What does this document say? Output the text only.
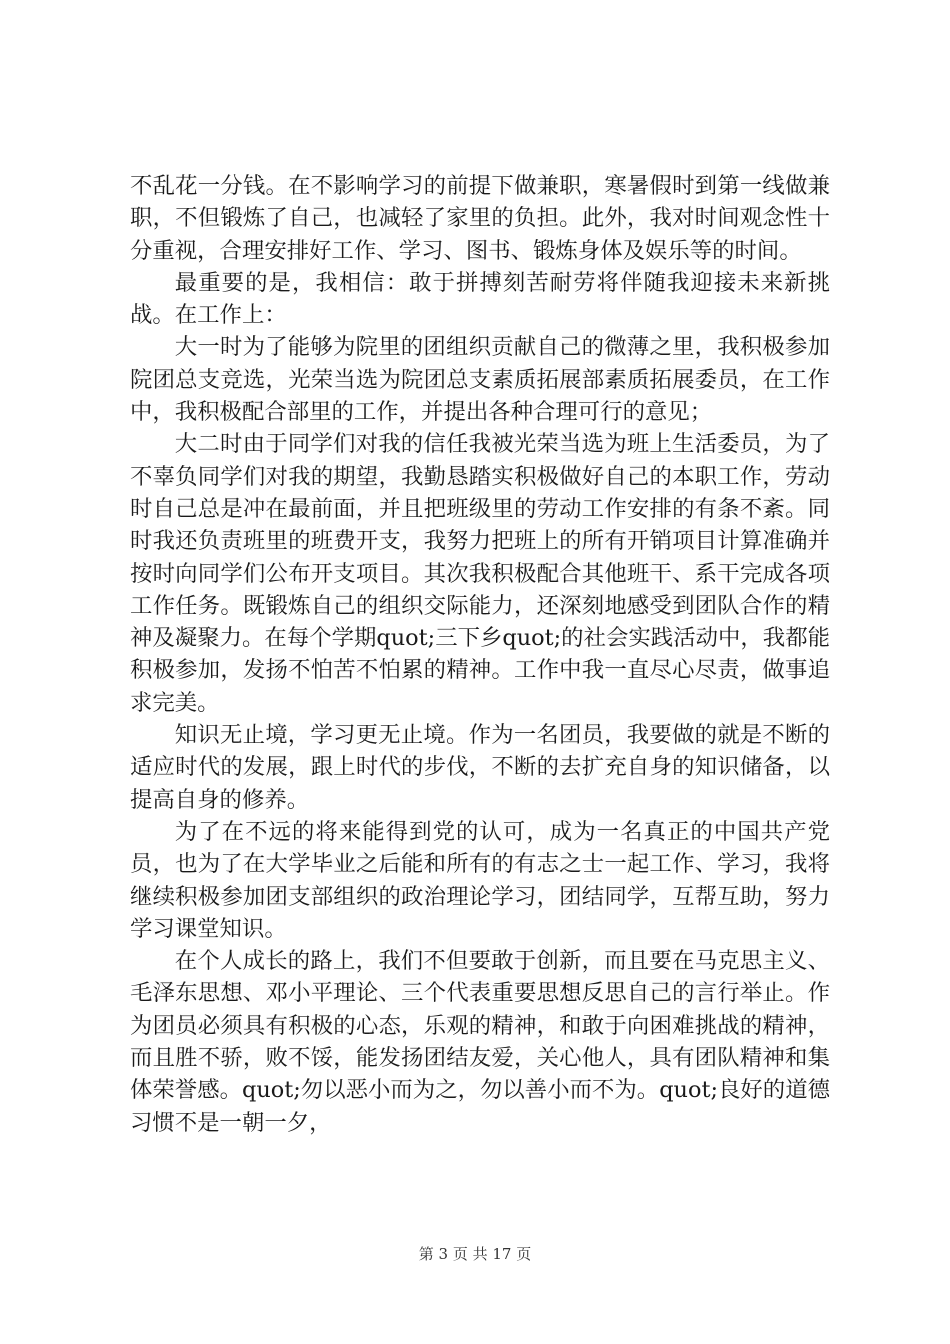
不乱花一分钱。在不影响学习的前提下做兼职，寒暑假时到第一线做兼职，不但锻炼了自己，也减轻了家里的负担。此外，我对时间观念性十分重视，合理安排好工作、学习、图书、锻炼身体及娱乐等的时间。

最重要的是，我相信：敢于拼搏刻苦耐劳将伴随我迎接未来新挑战。在工作上：

大一时为了能够为院里的团组织贡献自己的微薄之里，我积极参加院团总支竞选，光荣当选为院团总支素质拓展部素质拓展委员，在工作中，我积极配合部里的工作，并提出各种合理可行的意见；

大二时由于同学们对我的信任我被光荣当选为班上生活委员，为了不辜负同学们对我的期望，我勤恳踏实积极做好自己的本职工作，劳动时自己总是冲在最前面，并且把班级里的劳动工作安排的有条不紊。同时我还负责班里的班费开支，我努力把班上的所有开销项目计算准确并按时向同学们公布开支项目。其次我积极配合其他班干、系干完成各项工作任务。既锻炼自己的组织交际能力，还深刻地感受到团队合作的精神及凝聚力。在每个学期quot;三下乡quot;的社会实践活动中，我都能积极参加，发扬不怕苦不怕累的精神。工作中我一直尽心尽责，做事追求完美。

知识无止境，学习更无止境。作为一名团员，我要做的就是不断的适应时代的发展，跟上时代的步伐，不断的去扩充自身的知识储备，以提高自身的修养。

为了在不远的将来能得到党的认可，成为一名真正的中国共产党员，也为了在大学毕业之后能和所有的有志之士一起工作、学习，我将继续积极参加团支部组织的政治理论学习，团结同学，互帮互助，努力学习课堂知识。

在个人成长的路上，我们不但要敢于创新，而且要在马克思主义、毛泽东思想、邓小平理论、三个代表重要思想反思自己的言行举止。作为团员必须具有积极的心态，乐观的精神，和敢于向困难挑战的精神，而且胜不骄，败不馁，能发扬团结友爱，关心他人，具有团队精神和集体荣誉感。quot;勿以恶小而为之，勿以善小而不为。quot;良好的道德习惯不是一朝一夕，

第 3 页 共 17 页
